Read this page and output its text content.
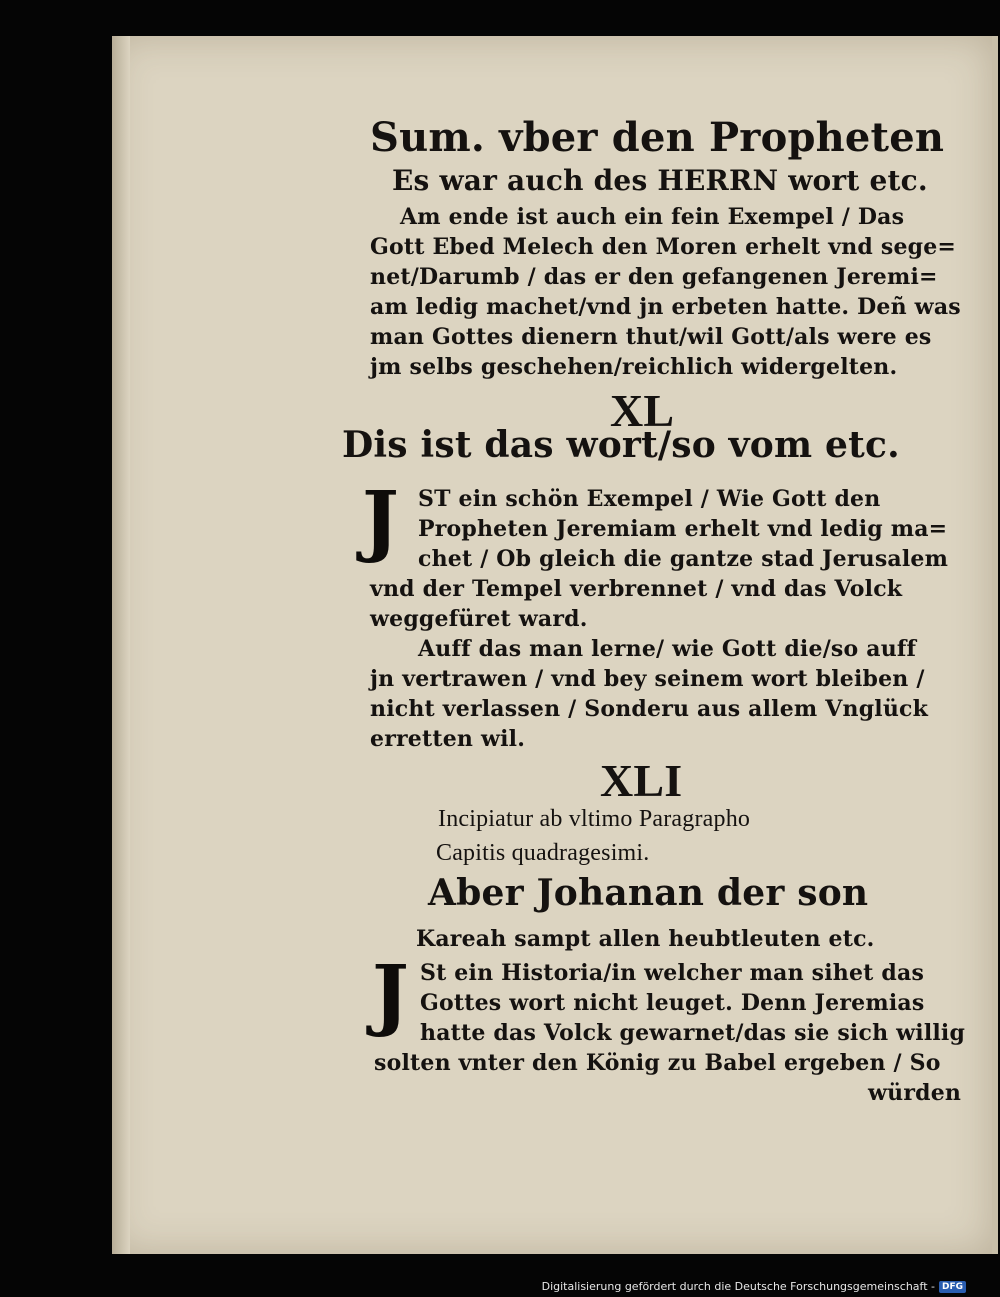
Sum. vber den Propheten
Es war auch des HERRN wort etc.
Am ende ist auch ein fein Exempel / Das
Gott Ebed Melech den Moren erhelt vnd sege=
net/Darumb / das er den gefangenen Jeremi=
am ledig machet/vnd jn erbeten hatte. Deñ was
man Gottes dienern thut/wil Gott/als were es
jm selbs geschehen/reichlich widergelten.
XL
Dis ist das wort/so vom etc.
J ST ein schön Exempel / Wie Gott den
Propheten Jeremiam erhelt vnd ledig ma=
chet / Ob gleich die gantze stad Jerusalem
vnd der Tempel verbrennet / vnd das Volck
weggefüret ward.
Auff das man lerne/ wie Gott die/so auff
jn vertrawen / vnd bey seinem wort bleiben /
nicht verlassen / Sonderu aus allem Vnglück
erretten wil.
XLI
Incipiatur ab vltimo Paragrapho
Capitis quadragesimi.
Aber Johanan der son
Kareah sampt allen heubtleuten etc.
J St ein Historia/in welcher man sihet das
Gottes wort nicht leuget. Denn Jeremias
hatte das Volck gewarnet/das sie sich willig
solten vnter den König zu Babel ergeben / So
würden
Digitalisierung gefördert durch die Deutsche Forschungsgemeinschaft - DFG
